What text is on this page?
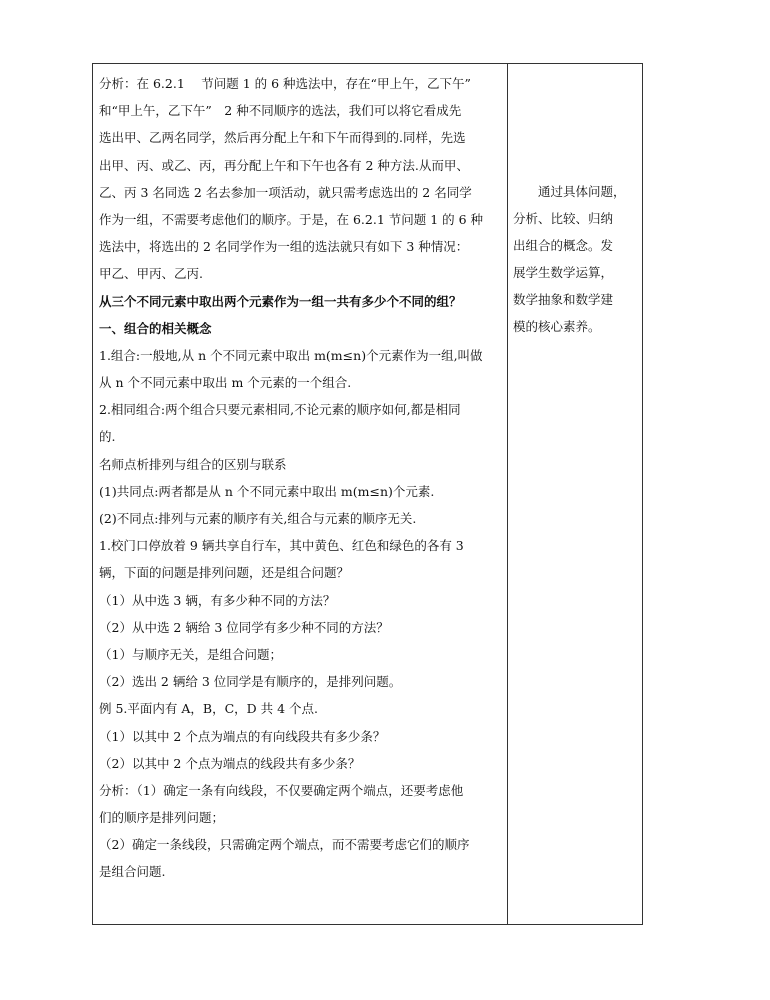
分析：在 6.2.1　 节问题 1 的 6 种选法中，存在“甲上午，乙下午”
和“甲上午，乙下午”　2 种不同顺序的选法，我们可以将它看成先
选出甲、乙两名同学，然后再分配上午和下午而得到的.同样，先选
出甲、丙、或乙、丙，再分配上午和下午也各有 2 种方法.从而甲、
乙、丙 3 名同选 2 名去参加一项活动，就只需考虑选出的 2 名同学
作为一组，不需要考虑他们的顺序。于是，在 6.2.1 节问题 1 的 6 种
选法中，将选出的 2 名同学作为一组的选法就只有如下 3 种情况：
甲乙、甲丙、乙丙.
从三个不同元素中取出两个元素作为一组一共有多少个不同的组？
一、组合的相关概念
1.组合:一般地,从 n 个不同元素中取出 m(m≤n)个元素作为一组,叫做
从 n 个不同元素中取出 m 个元素的一个组合.
2.相同组合:两个组合只要元素相同,不论元素的顺序如何,都是相同
的.
名师点析排列与组合的区别与联系
(1)共同点:两者都是从 n 个不同元素中取出 m(m≤n)个元素.
(2)不同点:排列与元素的顺序有关,组合与元素的顺序无关.
1.校门口停放着 9 辆共享自行车，其中黄色、红色和绿色的各有 3
辆，下面的问题是排列问题，还是组合问题？
（1）从中选 3 辆，有多少种不同的方法？
（2）从中选 2 辆给 3 位同学有多少种不同的方法？
（1）与顺序无关，是组合问题；
（2）选出 2 辆给 3 位同学是有顺序的，是排列问题。
例 5.平面内有 A，B，C，D 共 4 个点.
（1）以其中 2 个点为端点的有向线段共有多少条？
（2）以其中 2 个点为端点的线段共有多少条？
分析：（1）确定一条有向线段，不仅要确定两个端点，还要考虑他
们的顺序是排列问题；
（2）确定一条线段，只需确定两个端点，而不需要考虑它们的顺序
是组合问题.
　　通过具体问题，
分析、比较、归纳
出组合的概念。发
展学生数学运算，
数学抽象和数学建
模的核心素养。
